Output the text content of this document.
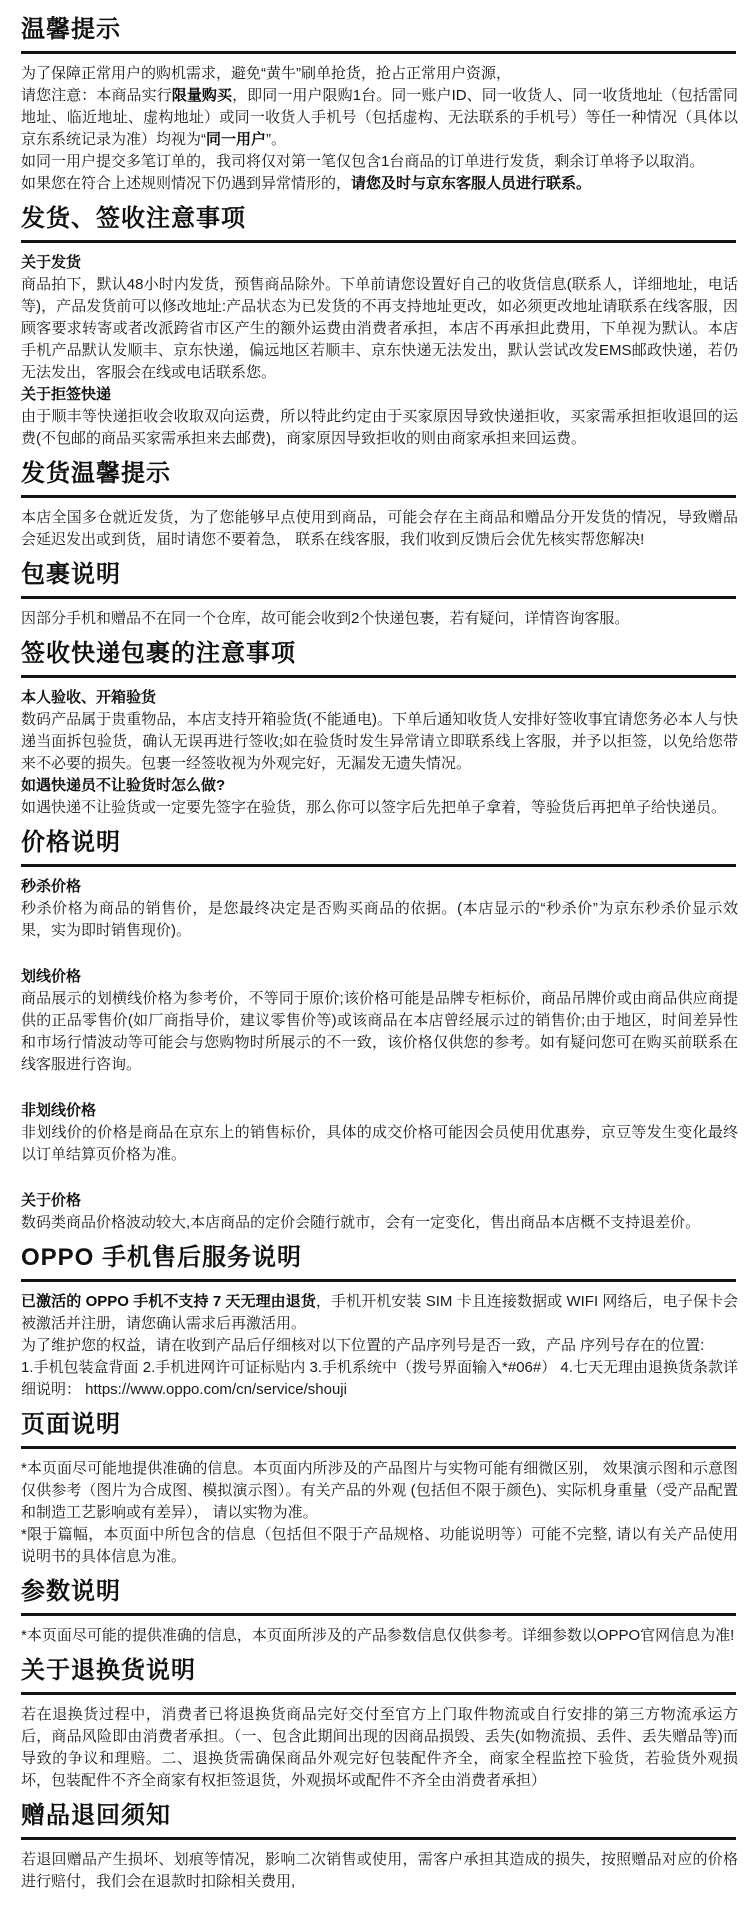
温馨提示

为了保障正常用户的购机需求，避免“黄牛”刷单抢货，抢占正常用户资源，

请您注意：本商品实行限量购买，即同一用户限购1台。同一账户ID、同一收货人、同一收货地址（包括雷同地址、临近地址、虚构地址）或同一收货人手机号（包括虚构、无法联系的手机号）等任一种情况（具体以京东系统记录为准）均视为“同一用户”。

如同一用户提交多笔订单的，我司将仅对第一笔仅包含1台商品的订单进行发货，剩余订单将予以取消。

如果您在符合上述规则情况下仍遇到异常情形的，请您及时与京东客服人员进行联系。

发货、签收注意事项
关于发货

商品拍下，默认48小时内发货，预售商品除外。下单前请您设置好自己的收货信息(联系人，详细地址，电话等)，产品发货前可以修改地址:产品状态为已发货的不再支持地址更改，如必须更改地址请联系在线客服，因顾客要求转寄或者改派跨省市区产生的额外运费由消费者承担，本店不再承担此费用，下单视为默认。本店手机产品默认发顺丰、京东快递，偏远地区若顺丰、京东快递无法发出，默认尝试改发EMS邮政快递，若仍无法发出，客服会在线或电话联系您。

关于拒签快递

由于顺丰等快递拒收会收取双向运费，所以特此约定由于买家原因导致快递拒收，买家需承担拒收退回的运费(不包邮的商品买家需承担来去邮费)，商家原因导致拒收的则由商家承担来回运费。

发货温馨提示

本店全国多仓就近发货，为了您能够早点使用到商品，可能会存在主商品和赠品分开发货的情况，导致赠品会延迟发出或到货，届时请您不要着急， 联系在线客服，我们收到反馈后会优先核实帮您解决!

包裹说明

因部分手机和赠品不在同一个仓库，故可能会收到2个快递包裹，若有疑问，详情咨询客服。

签收快递包裹的注意事项
本人验收、开箱验货

数码产品属于贵重物品，本店支持开箱验货(不能通电)。下单后通知收货人安排好签收事宜请您务必本人与快递当面拆包验货，确认无误再进行签收;如在验货时发生异常请立即联系线上客服，并予以拒签，以免给您带来不必要的损失。包裹一经签收视为外观完好，无漏发无遗失情况。

如遇快递员不让验货时怎么做?

如遇快递不让验货或一定要先签字在验货，那么你可以签字后先把单子拿着，等验货后再把单子给快递员。

价格说明
秒杀价格

秒杀价格为商品的销售价，是您最终决定是否购买商品的依据。(本店显示的“秒杀价”为京东秒杀价显示效果，实为即时销售现价)。

划线价格

商品展示的划横线价格为参考价，不等同于原价;该价格可能是品牌专柜标价，商品吊牌价或由商品供应商提供的正品零售价(如厂商指导价，建议零售价等)或该商品在本店曾经展示过的销售价;由于地区，时间差异性和市场行情波动等可能会与您购物时所展示的不一致，该价格仅供您的参考。如有疑问您可在购买前联系在线客服进行咨询。

非划线价格

非划线价的价格是商品在京东上的销售标价，具体的成交价格可能因会员使用优惠券，京豆等发生变化最终以订单结算页价格为准。

关于价格

数码类商品价格波动较大,本店商品的定价会随行就市，会有一定变化，售出商品本店概不支持退差价。

OPPO 手机售后服务说明

已激活的 OPPO 手机不支持 7 天无理由退货，手机开机安装 SIM 卡且连接数据或 WIFI 网络后，电子保卡会被激活并注册，请您确认需求后再激活用。

为了维护您的权益，请在收到产品后仔细核对以下位置的产品序列号是否一致，产品 序列号存在的位置:

1.手机包装盒背面 2.手机进网许可证标贴内 3.手机系统中（拨号界面输入*#06#） 4.七天无理由退换货条款详细说明： https://www.oppo.com/cn/service/shouji

页面说明

*本页面尽可能地提供准确的信息。本页面内所涉及的产品图片与实物可能有细微区别， 效果演示图和示意图仅供参考（图片为合成图、模拟演示图）。有关产品的外观 (包括但不限于颜色)、实际机身重量（受产品配置和制造工艺影响或有差异）， 请以实物为准。

*限于篇幅，本页面中所包含的信息（包括但不限于产品规格、功能说明等）可能不完整, 请以有关产品使用说明书的具体信息为准。

参数说明

*本页面尽可能的提供准确的信息，本页面所涉及的产品参数信息仅供参考。详细参数以OPPO官网信息为准!

关于退换货说明

若在退换货过程中，消费者已将退换货商品完好交付至官方上门取件物流或自行安排的第三方物流承运方后，商品风险即由消费者承担。（一、包含此期间出现的因商品损毁、丢失(如物流损、丢件、丢失赠品等)而导致的争议和理赔。二、退换货需确保商品外观完好包装配件齐全，商家全程监控下验货，若验货外观损坏，包装配件不齐全商家有权拒签退货，外观损坏或配件不齐全由消费者承担）

赠品退回须知

若退回赠品产生损坏、划痕等情况，影响二次销售或使用，需客户承担其造成的损失，按照赠品对应的价格进行赔付，我们会在退款时扣除相关费用,
